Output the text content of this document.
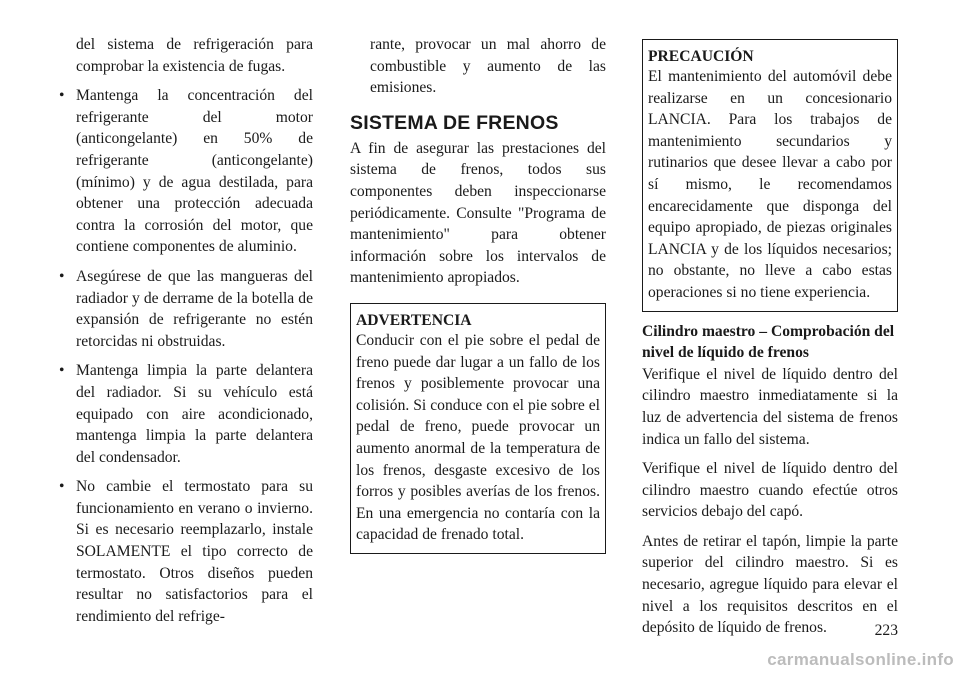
del sistema de refrigeración para comprobar la existencia de fugas.

• Mantenga la concentración del refrigerante del motor (anticongelante) en 50% de refrigerante (anticongelante) (mínimo) y de agua destilada, para obtener una protección adecuada contra la corrosión del motor, que contiene componentes de aluminio.
• Asegúrese de que las mangueras del radiador y de derrame de la botella de expansión de refrigerante no estén retorcidas ni obstruidas.
• Mantenga limpia la parte delantera del radiador. Si su vehículo está equipado con aire acondicionado, mantenga limpia la parte delantera del condensador.
• No cambie el termostato para su funcionamiento en verano o invierno. Si es necesario reemplazarlo, instale SOLAMENTE el tipo correcto de termostato. Otros diseños pueden resultar no satisfactorios para el rendimiento del refrige-

rante, provocar un mal ahorro de combustible y aumento de las emisiones.

SISTEMA DE FRENOS

A fin de asegurar las prestaciones del sistema de frenos, todos sus componentes deben inspeccionarse periódicamente. Consulte "Programa de mantenimiento" para obtener información sobre los intervalos de mantenimiento apropiados.

ADVERTENCIA

Conducir con el pie sobre el pedal de freno puede dar lugar a un fallo de los frenos y posiblemente provocar una colisión. Si conduce con el pie sobre el pedal de freno, puede provocar un aumento anormal de la temperatura de los frenos, desgaste excesivo de los forros y posibles averías de los frenos. En una emergencia no contaría con la capacidad de frenado total.

PRECAUCIÓN

El mantenimiento del automóvil debe realizarse en un concesionario LANCIA. Para los trabajos de mantenimiento secundarios y rutinarios que desee llevar a cabo por sí mismo, le recomendamos encarecidamente que disponga del equipo apropiado, de piezas originales LANCIA y de los líquidos necesarios; no obstante, no lleve a cabo estas operaciones si no tiene experiencia.

Cilindro maestro – Comprobación del nivel de líquido de frenos

Verifique el nivel de líquido dentro del cilindro maestro inmediatamente si la luz de advertencia del sistema de frenos indica un fallo del sistema.

Verifique el nivel de líquido dentro del cilindro maestro cuando efectúe otros servicios debajo del capó.

Antes de retirar el tapón, limpie la parte superior del cilindro maestro. Si es necesario, agregue líquido para elevar el nivel a los requisitos descritos en el depósito de líquido de frenos.	223
carmanualsonline.info
